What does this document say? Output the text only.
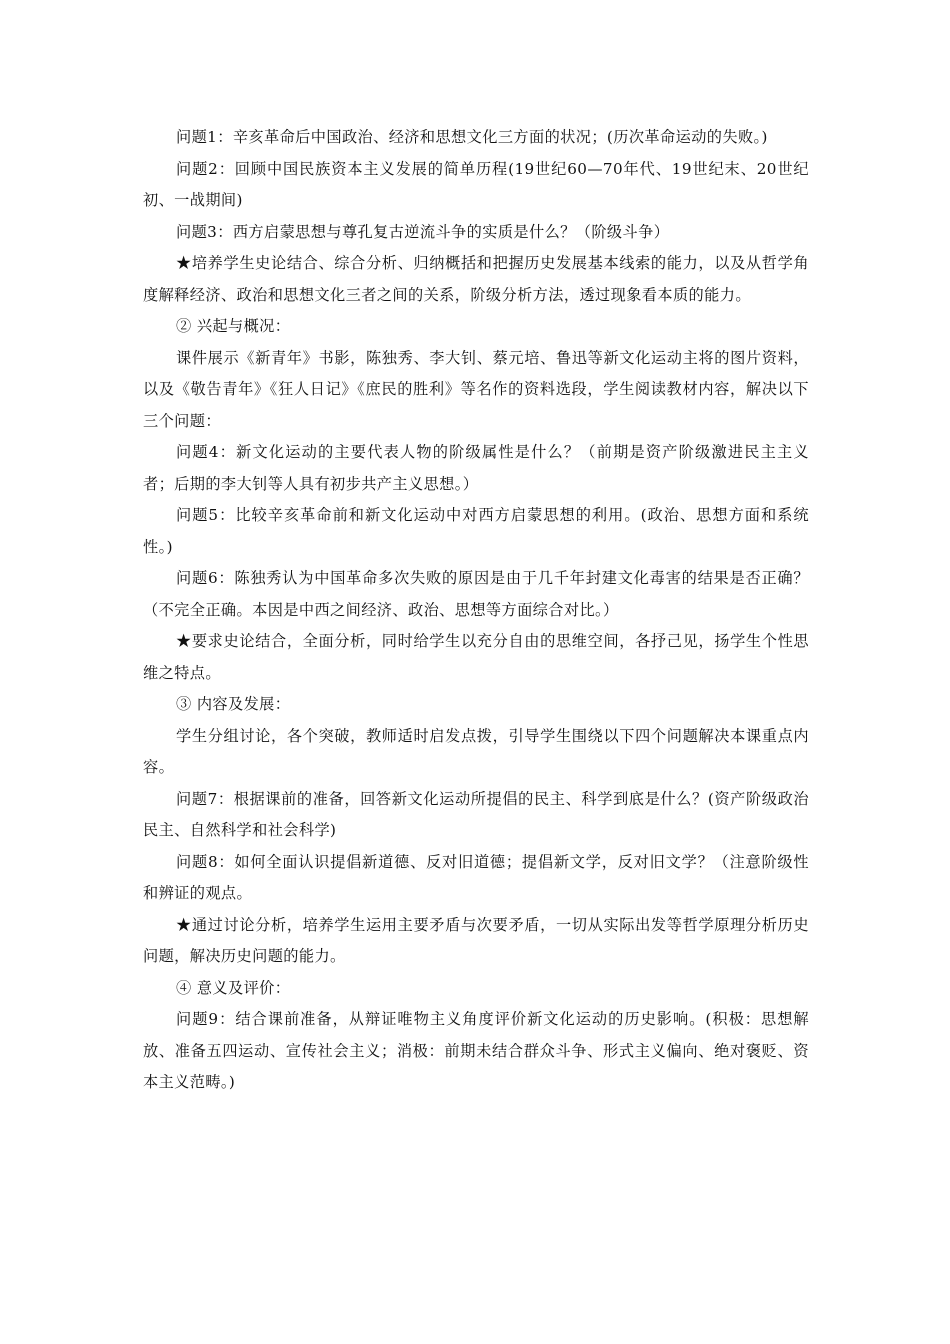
问题1：辛亥革命后中国政治、经济和思想文化三方面的状况；(历次革命运动的失败。)

问题2：回顾中国民族资本主义发展的简单历程(19世纪60—70年代、19世纪末、20世纪初、一战期间)

问题3：西方启蒙思想与尊孔复古逆流斗争的实质是什么？（阶级斗争）

★培养学生史论结合、综合分析、归纳概括和把握历史发展基本线索的能力，以及从哲学角度解释经济、政治和思想文化三者之间的关系，阶级分析方法，透过现象看本质的能力。

② 兴起与概况：

课件展示《新青年》书影，陈独秀、李大钊、蔡元培、鲁迅等新文化运动主将的图片资料，以及《敬告青年》《狂人日记》《庶民的胜利》等名作的资料选段，学生阅读教材内容，解决以下三个问题：

问题4：新文化运动的主要代表人物的阶级属性是什么？（前期是资产阶级激进民主主义者；后期的李大钊等人具有初步共产主义思想。）

问题5：比较辛亥革命前和新文化运动中对西方启蒙思想的利用。(政治、思想方面和系统性。)

问题6：陈独秀认为中国革命多次失败的原因是由于几千年封建文化毒害的结果是否正确？（不完全正确。本因是中西之间经济、政治、思想等方面综合对比。）

★要求史论结合，全面分析，同时给学生以充分自由的思维空间，各抒己见，扬学生个性思维之特点。

③ 内容及发展：

学生分组讨论，各个突破，教师适时启发点拨，引导学生围绕以下四个问题解决本课重点内容。

问题7：根据课前的准备，回答新文化运动所提倡的民主、科学到底是什么？(资产阶级政治民主、自然科学和社会科学)

问题8：如何全面认识提倡新道德、反对旧道德；提倡新文学，反对旧文学？（注意阶级性和辨证的观点。

★通过讨论分析，培养学生运用主要矛盾与次要矛盾，一切从实际出发等哲学原理分析历史问题，解决历史问题的能力。

④ 意义及评价：

问题9：结合课前准备，从辩证唯物主义角度评价新文化运动的历史影响。(积极：思想解放、准备五四运动、宣传社会主义；消极：前期未结合群众斗争、形式主义偏向、绝对褒贬、资本主义范畴。)
